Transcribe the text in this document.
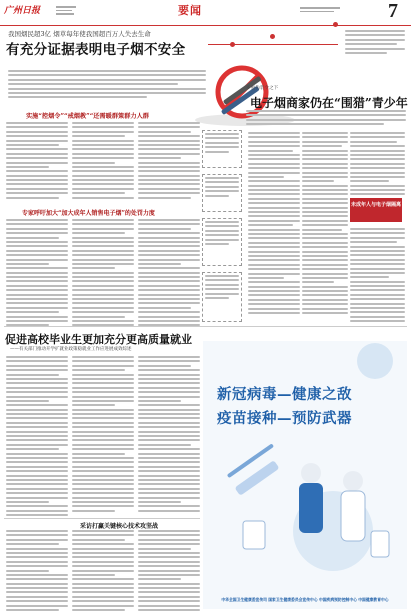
广州日报	要闻	7
我国烟民超3亿 烟草每年使我国超百万人失去生命
有充分证据表明电子烟不安全
实施“控烟令”“戒烟教”“还需暖群策群力人群
专家呼吁加大“加大成年人销售电子烟”的处罚力度
多重伪装令之下
电子烟商家仍在“围猎”青少年
未成年人与电子烟隔离
促进高校毕业生更加充分更高质量就业
——有关部门推动开学扩就业政策稳就业工作应进展成效综述
采访打赢关键核心技术攻坚战
新冠病毒—健康之敌
疫苗接种—预防武器
中华全国卫生健康委宣传司 国家卫生健康委员会宣传中心 中国疾病预防控制中心 中国健康教育中心
